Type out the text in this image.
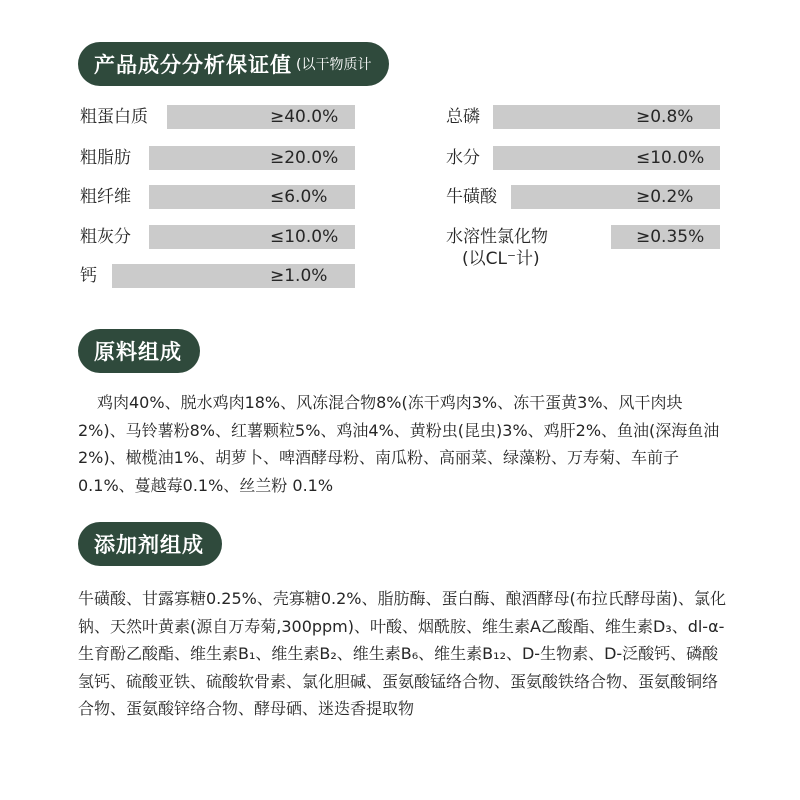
产品成分分析保证值 (以干物质计
粗蛋白质	≥40.0%
粗脂肪	≥20.0%
粗纤维	≤6.0%
粗灰分	≤10.0%
钙	≥1.0%
总磷	≥0.8%
水分	≤10.0%
牛磺酸	≥0.2%
水溶性氯化物	≥0.35%
(以CL⁻计)
原料组成

鸡肉40%、脱水鸡肉18%、风冻混合物8%(冻干鸡肉3%、冻干蛋黄3%、风干肉块2%)、马铃薯粉8%、红薯颗粒5%、鸡油4%、黄粉虫(昆虫)3%、鸡肝2%、鱼油(深海鱼油2%)、橄榄油1%、胡萝卜、啤酒酵母粉、南瓜粉、高丽菜、绿藻粉、万寿菊、车前子0.1%、蔓越莓0.1%、丝兰粉 0.1%

添加剂组成

牛磺酸、甘露寡糖0.25%、壳寡糖0.2%、脂肪酶、蛋白酶、酿酒酵母(布拉氏酵母菌)、氯化钠、天然叶黄素(源自万寿菊,300ppm)、叶酸、烟酰胺、维生素A乙酸酯、维生素D₃、dl-α-生育酚乙酸酯、维生素B₁、维生素B₂、维生素B₆、维生素B₁₂、D-生物素、D-泛酸钙、磷酸氢钙、硫酸亚铁、硫酸软骨素、氯化胆碱、蛋氨酸锰络合物、蛋氨酸铁络合物、蛋氨酸铜络合物、蛋氨酸锌络合物、酵母硒、迷迭香提取物
